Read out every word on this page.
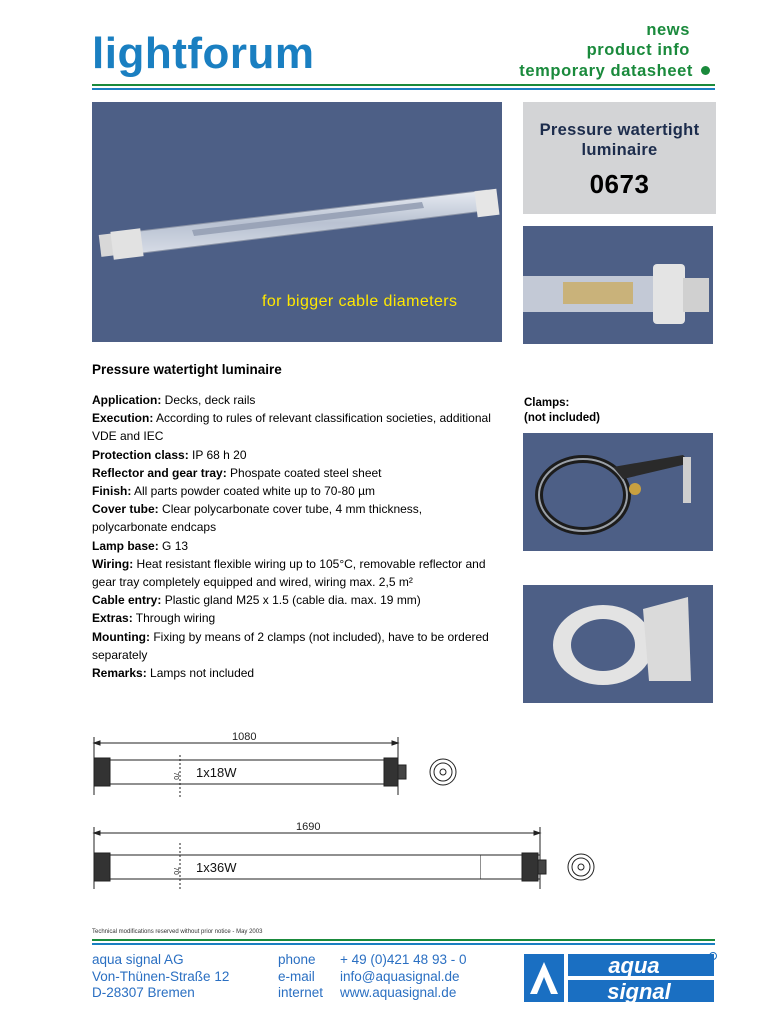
lightforum	news
product info
temporary datasheet
for bigger cable diameters
Pressure watertight
luminaire
0673
Pressure watertight luminaire
Application: Decks, deck rails
Execution: According to rules of relevant classification societies, additional VDE and IEC
Protection class: IP 68 h 20
Reflector and gear tray: Phospate coated steel sheet
Finish: All parts powder coated white up to 70-80 µm
Cover tube: Clear polycarbonate cover tube, 4 mm thickness, polycarbonate endcaps
Lamp base: G 13
Wiring: Heat resistant flexible wiring up to 105°C, removable reflector and gear tray completely equipped and wired, wiring max. 2,5 m²
Cable entry: Plastic gland M25 x 1.5 (cable dia. max. 19 mm)
Extras: Through wiring
Mounting: Fixing by means of 2 clamps (not included), have to be ordered separately
Remarks: Lamps not included
Clamps:
(not included)
1080
70 1x18W
1690
70 1x36W
Technical modifications reserved without prior notice - May 2003
aqua signal AG
Von-Thünen-Straße 12
D-28307 Bremen
phone
e-mail
internet
+ 49 (0)421 48 93 - 0
info@aquasignal.de
www.aquasignal.de
aqua
signal
